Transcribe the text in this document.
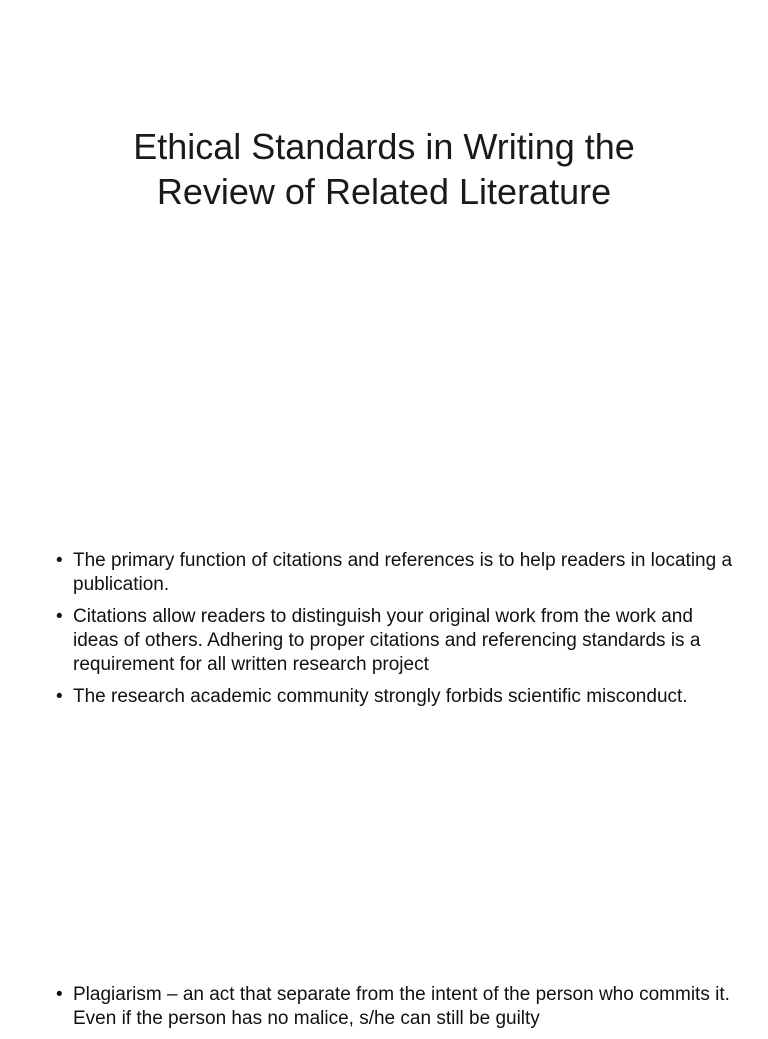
Ethical Standards in Writing the
Review of Related Literature
• The primary function of citations and references is to help readers in locating a publication.
• Citations allow readers to distinguish your original work from the work and ideas of others. Adhering to proper citations and referencing standards is a requirement for all written research project
• The research academic community strongly forbids scientific misconduct.
• Plagiarism – an act that separate from the intent of the person who commits it. Even if the person has no malice, s/he can still be guilty
